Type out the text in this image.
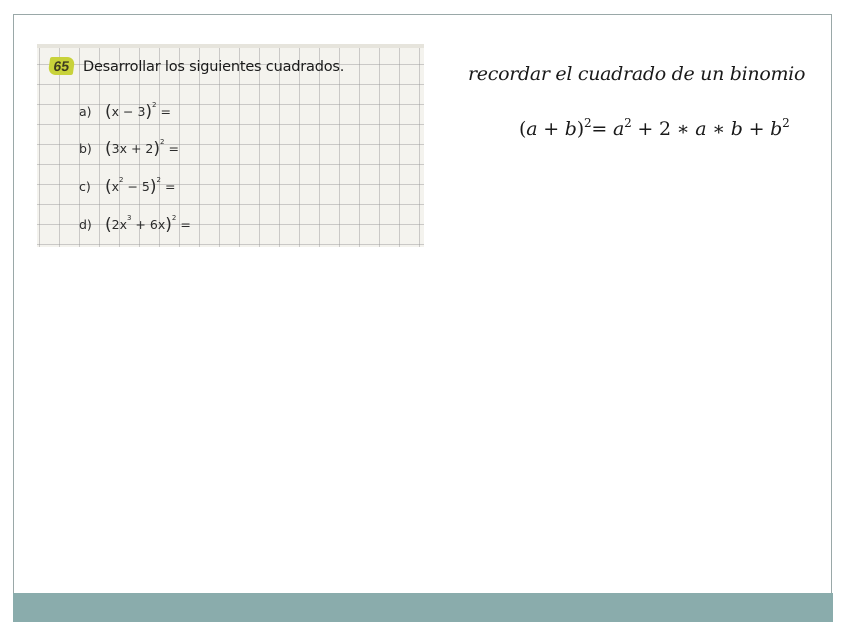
65 Desarrollar los siguientes cuadrados.
a) $(x - 3)^2$ =
b) $(3x + 2)^2$ =
c) $(x^2 - 5)^2$ =
d) $(2x^3 + 6x)^2$ =
recordar el cuadrado de un binomio
$(a + b)^2= a^2 + 2$ ∗ a ∗ $b + b^2$
